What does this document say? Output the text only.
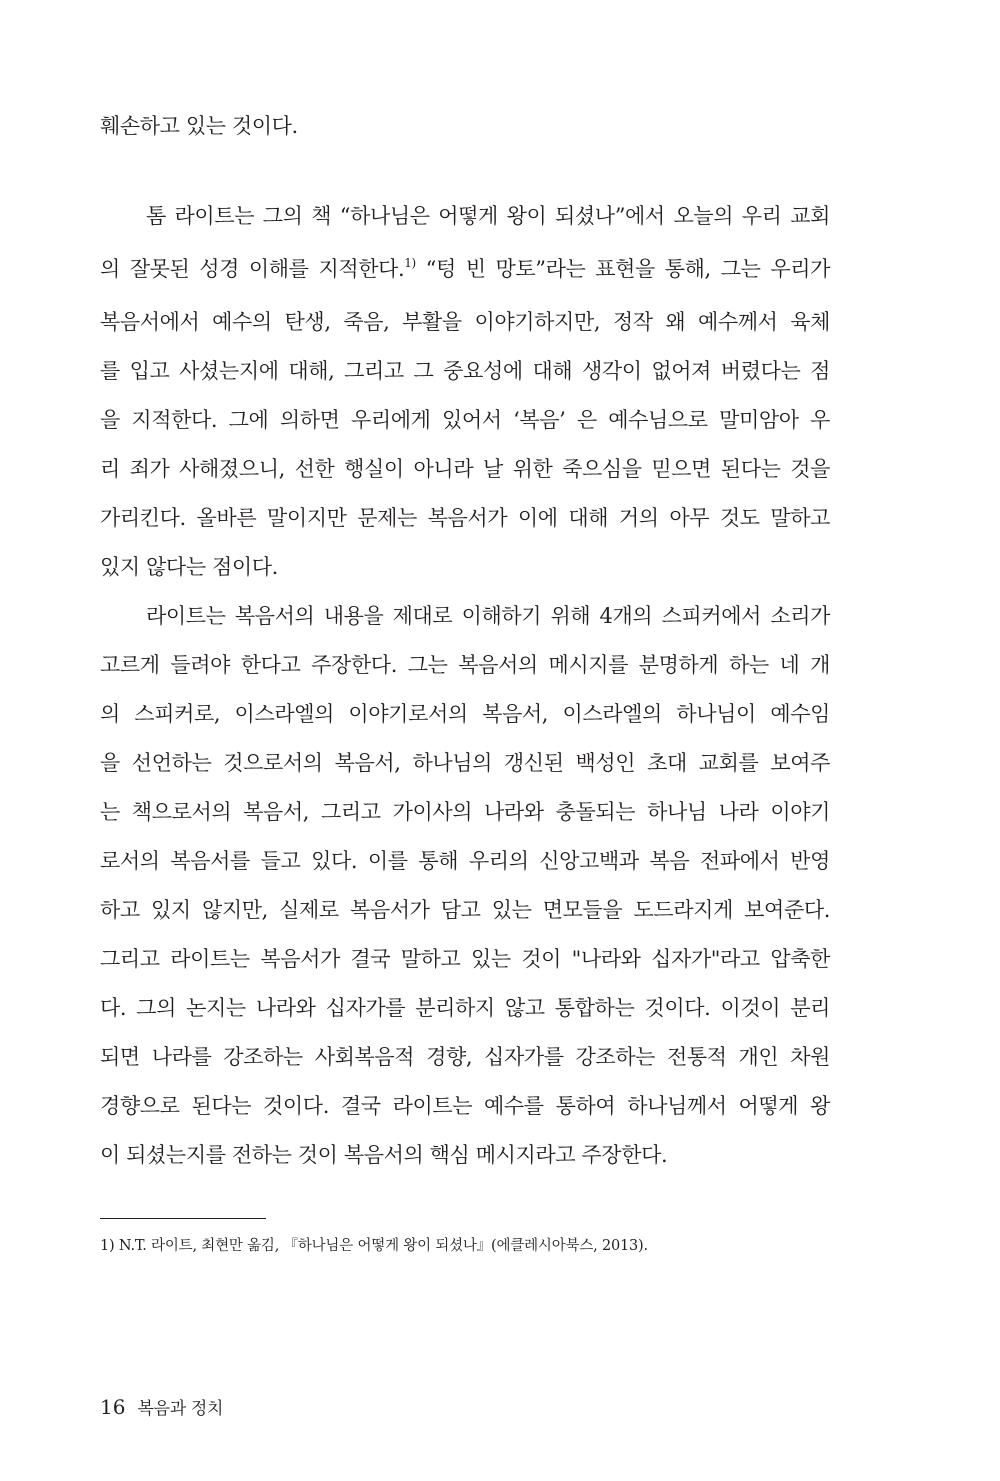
훼손하고 있는 것이다.
톰 라이트는 그의 책 “하나님은 어떻게 왕이 되셨나”에서 오늘의 우리 교회
의 잘못된 성경 이해를 지적한다.$^{1)}$ “텅 빈 망토”라는 표현을 통해, 그는 우리가
복음서에서 예수의 탄생, 죽음, 부활을 이야기하지만, 정작 왜 예수께서 육체
를 입고 사셨는지에 대해, 그리고 그 중요성에 대해 생각이 없어져 버렸다는 점
을 지적한다. 그에 의하면 우리에게 있어서 ‘복음’ 은 예수님으로 말미암아 우
리 죄가 사해졌으니, 선한 행실이 아니라 날 위한 죽으심을 믿으면 된다는 것을
가리킨다. 올바른 말이지만 문제는 복음서가 이에 대해 거의 아무 것도 말하고
있지 않다는 점이다.
라이트는 복음서의 내용을 제대로 이해하기 위해 4개의 스피커에서 소리가
고르게 들려야 한다고 주장한다. 그는 복음서의 메시지를 분명하게 하는 네 개
의 스피커로, 이스라엘의 이야기로서의 복음서, 이스라엘의 하나님이 예수임
을 선언하는 것으로서의 복음서, 하나님의 갱신된 백성인 초대 교회를 보여주
는 책으로서의 복음서, 그리고 가이사의 나라와 충돌되는 하나님 나라 이야기
로서의 복음서를 들고 있다. 이를 통해 우리의 신앙고백과 복음 전파에서 반영
하고 있지 않지만, 실제로 복음서가 담고 있는 면모들을 도드라지게 보여준다.
그리고 라이트는 복음서가 결국 말하고 있는 것이 "나라와 십자가"라고 압축한
다. 그의 논지는 나라와 십자가를 분리하지 않고 통합하는 것이다. 이것이 분리
되면 나라를 강조하는 사회복음적 경향, 십자가를 강조하는 전통적 개인 차원
경향으로 된다는 것이다. 결국 라이트는 예수를 통하여 하나님께서 어떻게 왕
이 되셨는지를 전하는 것이 복음서의 핵심 메시지라고 주장한다.
1) N.T. 라이트, 최현만 옮김, 『하나님은 어떻게 왕이 되셨나』(에클레시아북스, 2013).
16 복음과 정치
